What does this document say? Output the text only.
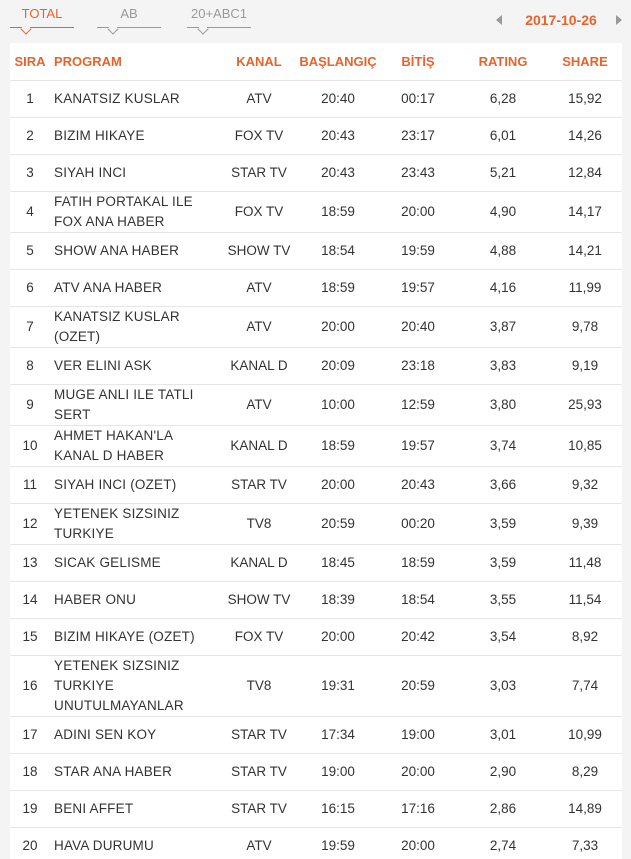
TOTAL	AB	20+ABC1	2017-10-26
SIRA	PROGRAM	KANAL	BAŞLANGIÇ	BİTİŞ	RATING	SHARE
1	KANATSIZ KUSLAR	ATV	20:40	00:17	6,28	15,92
2	BIZIM HIKAYE	FOX TV	20:43	23:17	6,01	14,26
3	SIYAH INCI	STAR TV	20:43	23:43	5,21	12,84
4	FATIH PORTAKAL ILE FOX ANA HABER	FOX TV	18:59	20:00	4,90	14,17
5	SHOW ANA HABER	SHOW TV	18:54	19:59	4,88	14,21
6	ATV ANA HABER	ATV	18:59	19:57	4,16	11,99
7	KANATSIZ KUSLAR (OZET)	ATV	20:00	20:40	3,87	9,78
8	VER ELINI ASK	KANAL D	20:09	23:18	3,83	9,19
9	MUGE ANLI ILE TATLI SERT	ATV	10:00	12:59	3,80	25,93
10	AHMET HAKAN'LA KANAL D HABER	KANAL D	18:59	19:57	3,74	10,85
11	SIYAH INCI (OZET)	STAR TV	20:00	20:43	3,66	9,32
12	YETENEK SIZSINIZ TURKIYE	TV8	20:59	00:20	3,59	9,39
13	SICAK GELISME	KANAL D	18:45	18:59	3,59	11,48
14	HABER ONU	SHOW TV	18:39	18:54	3,55	11,54
15	BIZIM HIKAYE (OZET)	FOX TV	20:00	20:42	3,54	8,92
16	YETENEK SIZSINIZ TURKIYE UNUTULMAYANLAR	TV8	19:31	20:59	3,03	7,74
17	ADINI SEN KOY	STAR TV	17:34	19:00	3,01	10,99
18	STAR ANA HABER	STAR TV	19:00	20:00	2,90	8,29
19	BENI AFFET	STAR TV	16:15	17:16	2,86	14,89
20	HAVA DURUMU	ATV	19:59	20:00	2,74	7,33
